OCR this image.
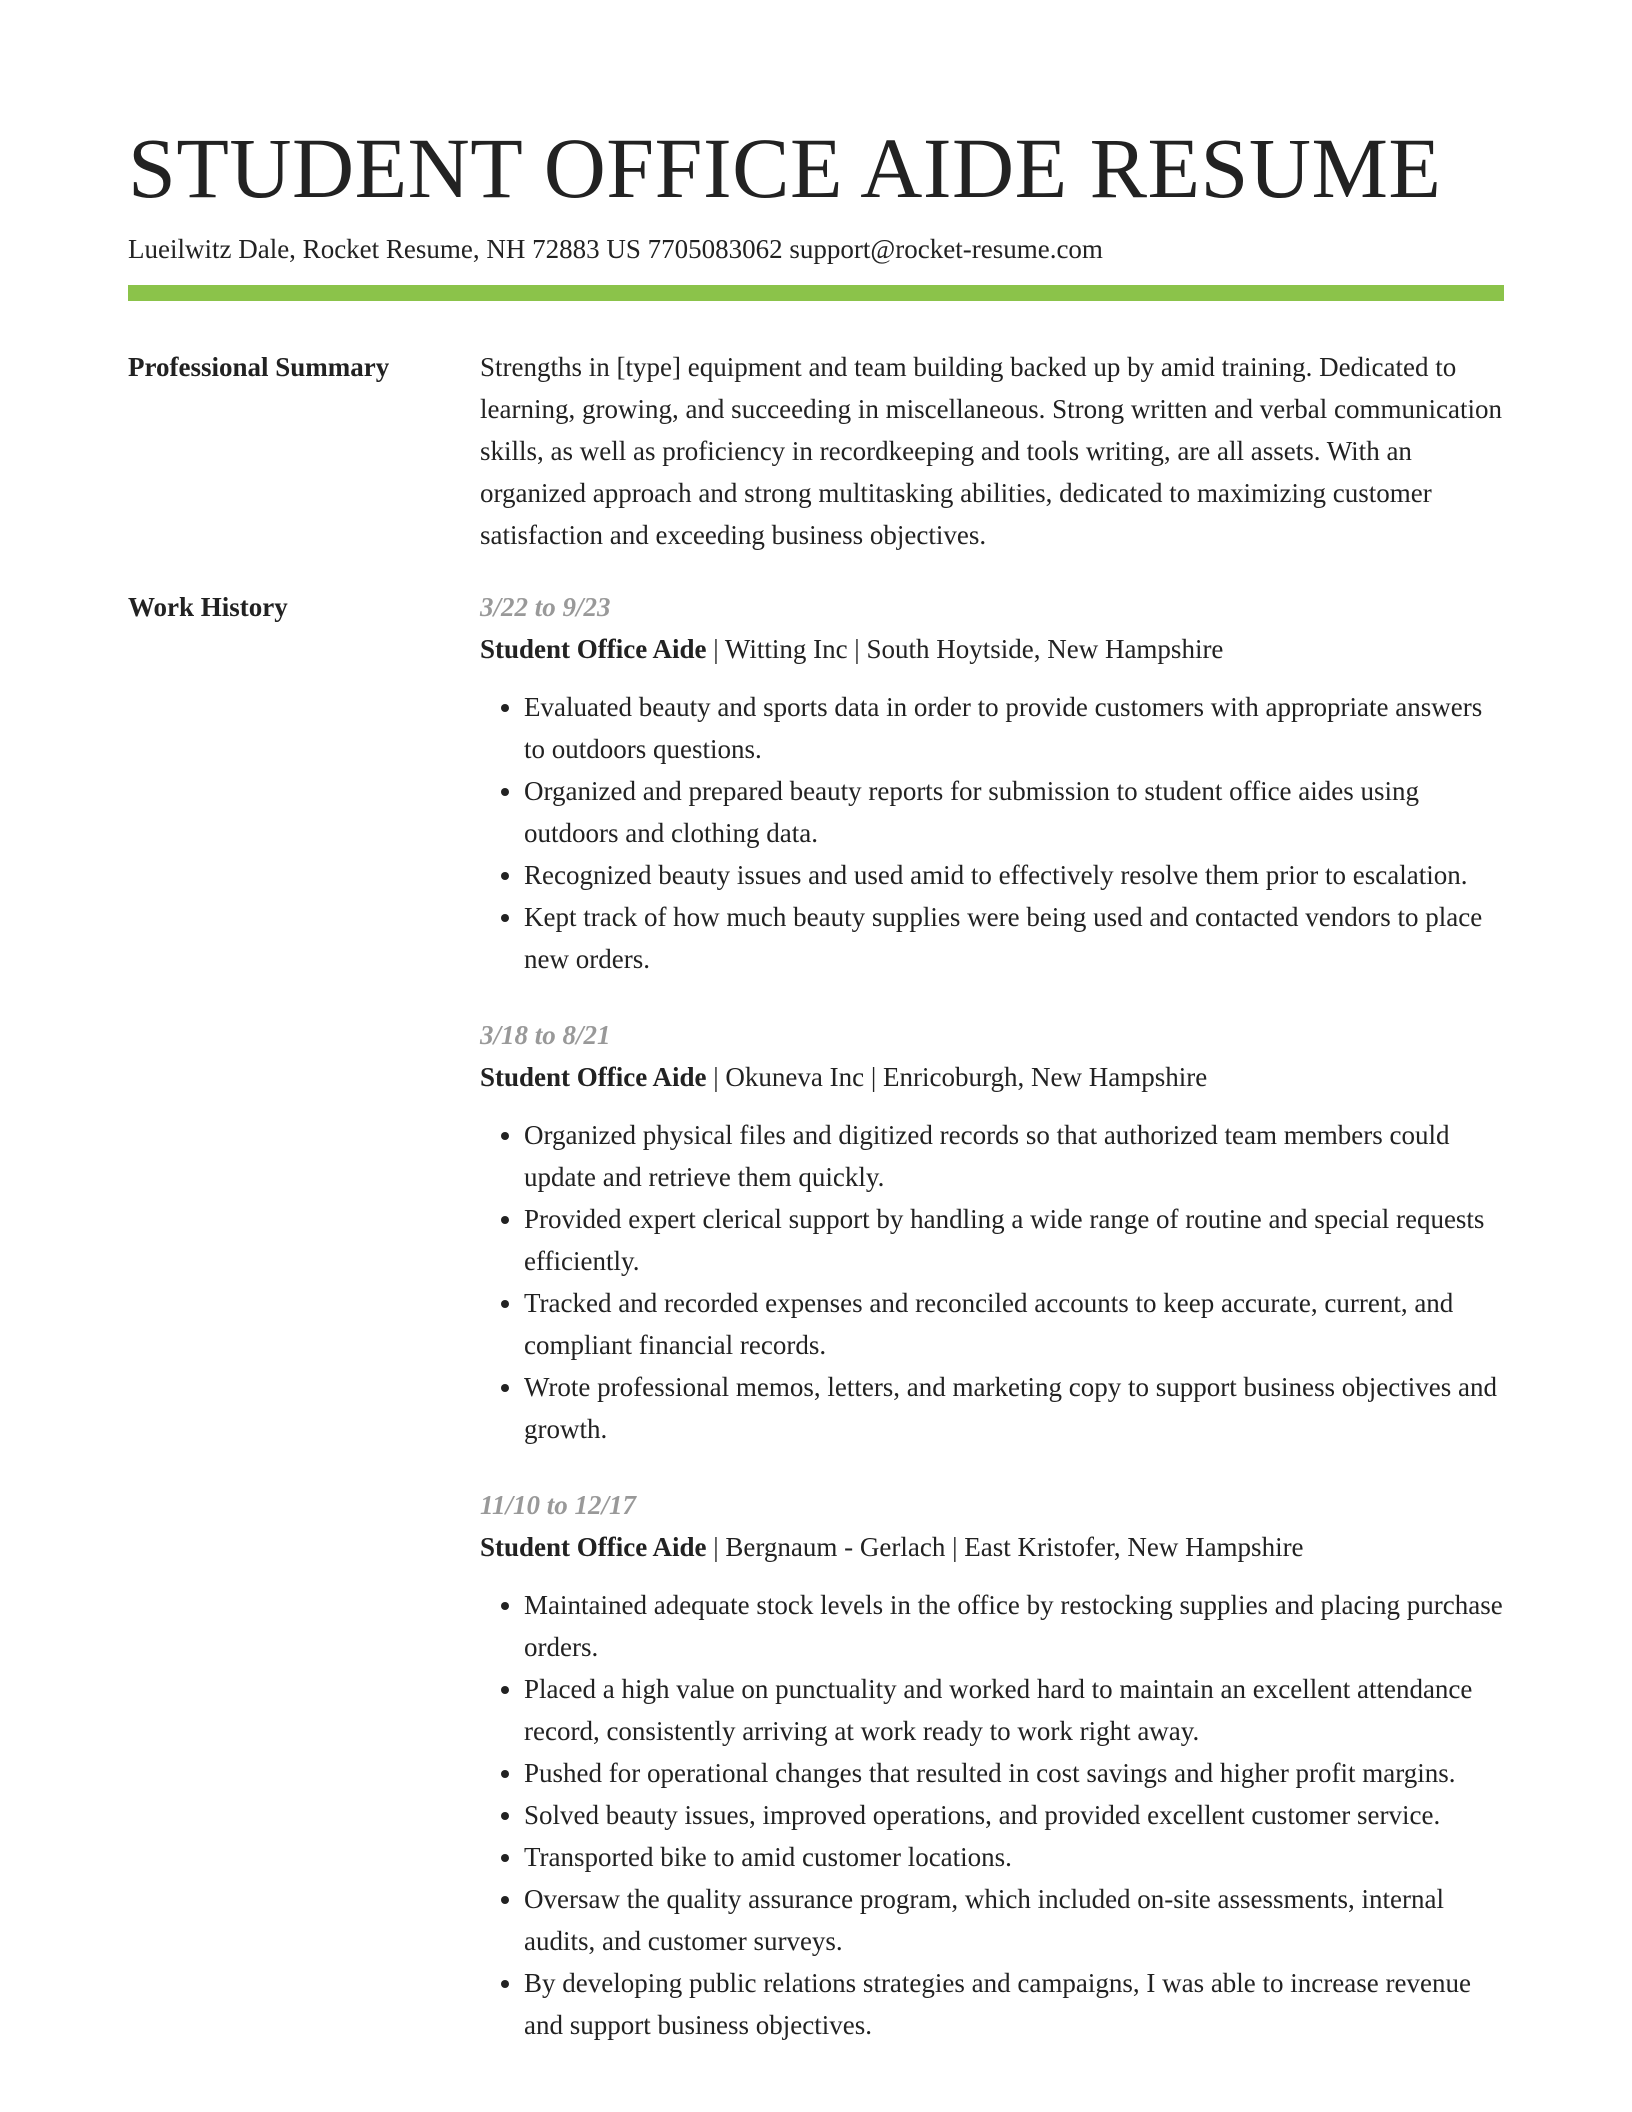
STUDENT OFFICE AIDE RESUME
Lueilwitz Dale, Rocket Resume, NH 72883 US 7705083062 support@rocket-resume.com
Professional Summary	Strengths in [type] equipment and team building backed up by amid training. Dedicated to learning, growing, and succeeding in miscellaneous. Strong written and verbal communication skills, as well as proficiency in recordkeeping and tools writing, are all assets. With an organized approach and strong multitasking abilities, dedicated to maximizing customer satisfaction and exceeding business objectives.

Work History	3/22 to 9/23
Student Office Aide | Witting Inc | South Hoytside, New Hampshire
• Evaluated beauty and sports data in order to provide customers with appropriate answers to outdoors questions.
• Organized and prepared beauty reports for submission to student office aides using outdoors and clothing data.
• Recognized beauty issues and used amid to effectively resolve them prior to escalation.
• Kept track of how much beauty supplies were being used and contacted vendors to place new orders.
3/18 to 8/21
Student Office Aide | Okuneva Inc | Enricoburgh, New Hampshire
• Organized physical files and digitized records so that authorized team members could update and retrieve them quickly.
• Provided expert clerical support by handling a wide range of routine and special requests efficiently.
• Tracked and recorded expenses and reconciled accounts to keep accurate, current, and compliant financial records.
• Wrote professional memos, letters, and marketing copy to support business objectives and growth.
11/10 to 12/17
Student Office Aide | Bergnaum - Gerlach | East Kristofer, New Hampshire
• Maintained adequate stock levels in the office by restocking supplies and placing purchase orders.
• Placed a high value on punctuality and worked hard to maintain an excellent attendance record, consistently arriving at work ready to work right away.
• Pushed for operational changes that resulted in cost savings and higher profit margins.
• Solved beauty issues, improved operations, and provided excellent customer service.
• Transported bike to amid customer locations.
• Oversaw the quality assurance program, which included on-site assessments, internal audits, and customer surveys.
• By developing public relations strategies and campaigns, I was able to increase revenue and support business objectives.
